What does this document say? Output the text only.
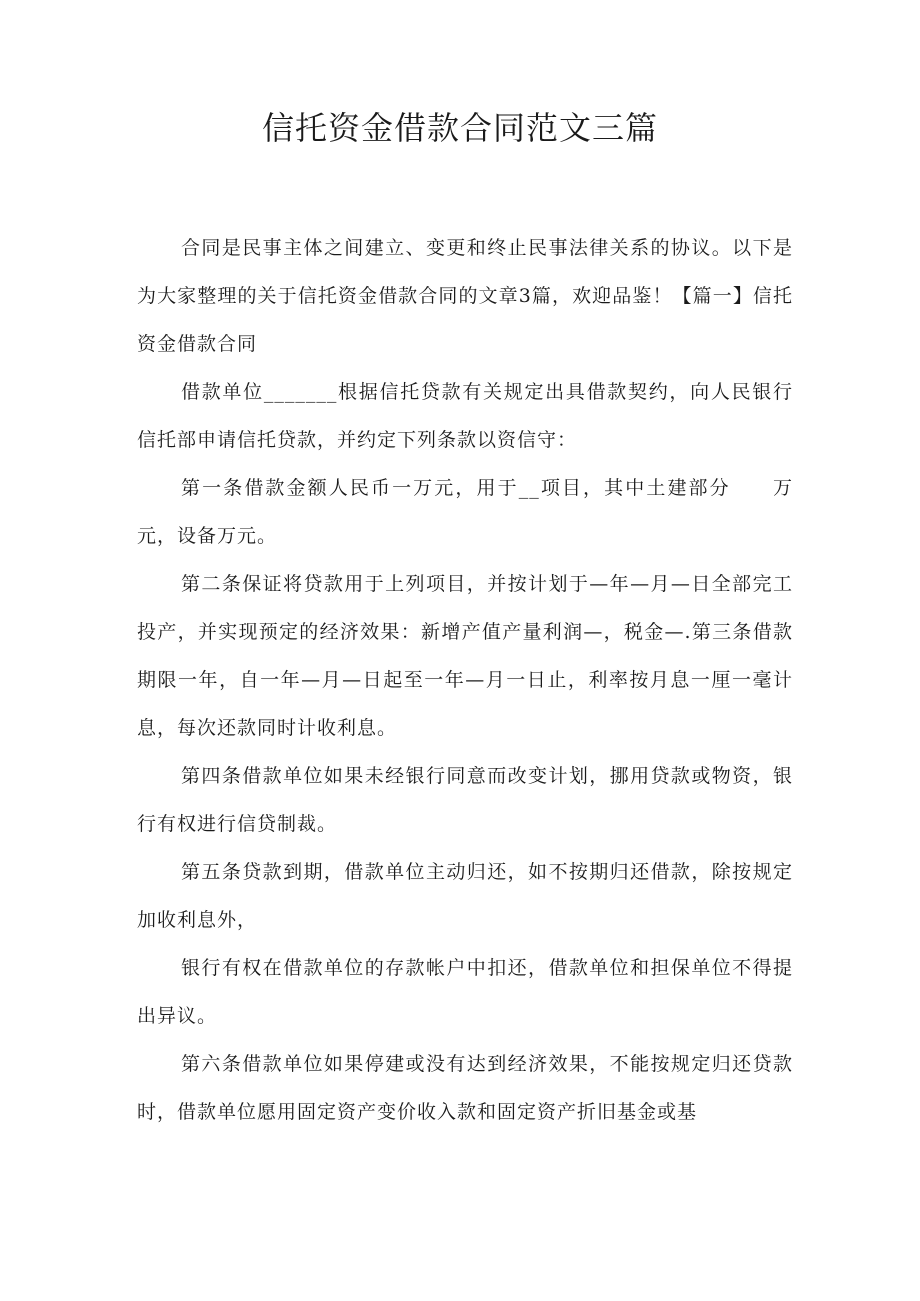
信托资金借款合同范文三篇

合同是民事主体之间建立、变更和终止民事法律关系的协议。以下是为大家整理的关于信托资金借款合同的文章3篇，欢迎品鉴！【篇一】信托资金借款合同

借款单位_______根据信托贷款有关规定出具借款契约，向人民银行信托部申请信托贷款，并约定下列条款以资信守：

第一条借款金额人民币一万元，用于__项目，其中土建部分　　万元，设备万元。

第二条保证将贷款用于上列项目，并按计划于—年—月—日全部完工投产，并实现预定的经济效果：新增产值产量利润—，税金—.第三条借款期限一年，自一年—月—日起至一年—月一日止，利率按月息一厘一毫计息，每次还款同时计收利息。

第四条借款单位如果未经银行同意而改变计划，挪用贷款或物资，银行有权进行信贷制裁。

第五条贷款到期，借款单位主动归还，如不按期归还借款，除按规定加收利息外，

银行有权在借款单位的存款帐户中扣还，借款单位和担保单位不得提出异议。

第六条借款单位如果停建或没有达到经济效果，不能按规定归还贷款时，借款单位愿用固定资产变价收入款和固定资产折旧基金或基
